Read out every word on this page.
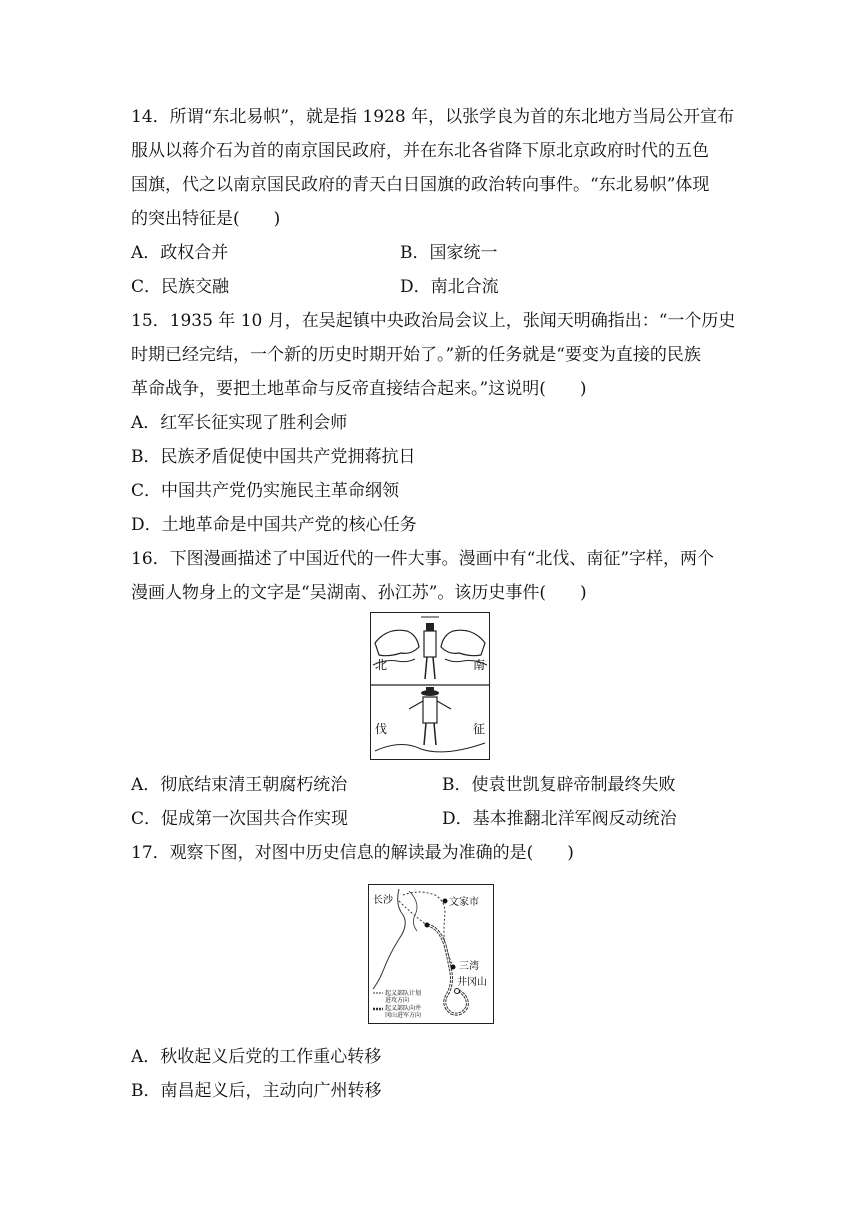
14．所谓“东北易帜”，就是指 1928 年，以张学良为首的东北地方当局公开宣布
服从以蒋介石为首的南京国民政府，并在东北各省降下原北京政府时代的五色
国旗，代之以南京国民政府的青天白日国旗的政治转向事件。“东北易帜”体现
的突出特征是(　　)
A．政权合并	B．国家统一
C．民族交融	D．南北合流
15．1935 年 10 月，在吴起镇中央政治局会议上，张闻天明确指出：“一个历史
时期已经完结，一个新的历史时期开始了。”新的任务就是“要变为直接的民族
革命战争，要把土地革命与反帝直接结合起来。”这说明(　　)
A．红军长征实现了胜利会师
B．民族矛盾促使中国共产党拥蒋抗日
C．中国共产党仍实施民主革命纲领
D．土地革命是中国共产党的核心任务
16．下图漫画描述了中国近代的一件大事。漫画中有“北伐、南征”字样，两个
漫画人物身上的文字是“吴湖南、孙江苏”。该历史事件(　　)
北	南
伐	征
A．彻底结束清王朝腐朽统治	B．使袁世凯复辟帝制最终失败
C．促成第一次国共合作实现	D．基本推翻北洋军阀反动统治
17．观察下图，对图中历史信息的解读最为准确的是(　　)
长沙	文家市
三湾
井冈山
起义部队计划
进攻方向
起义部队向井
冈山进军方向
A．秋收起义后党的工作重心转移
B．南昌起义后，主动向广州转移
